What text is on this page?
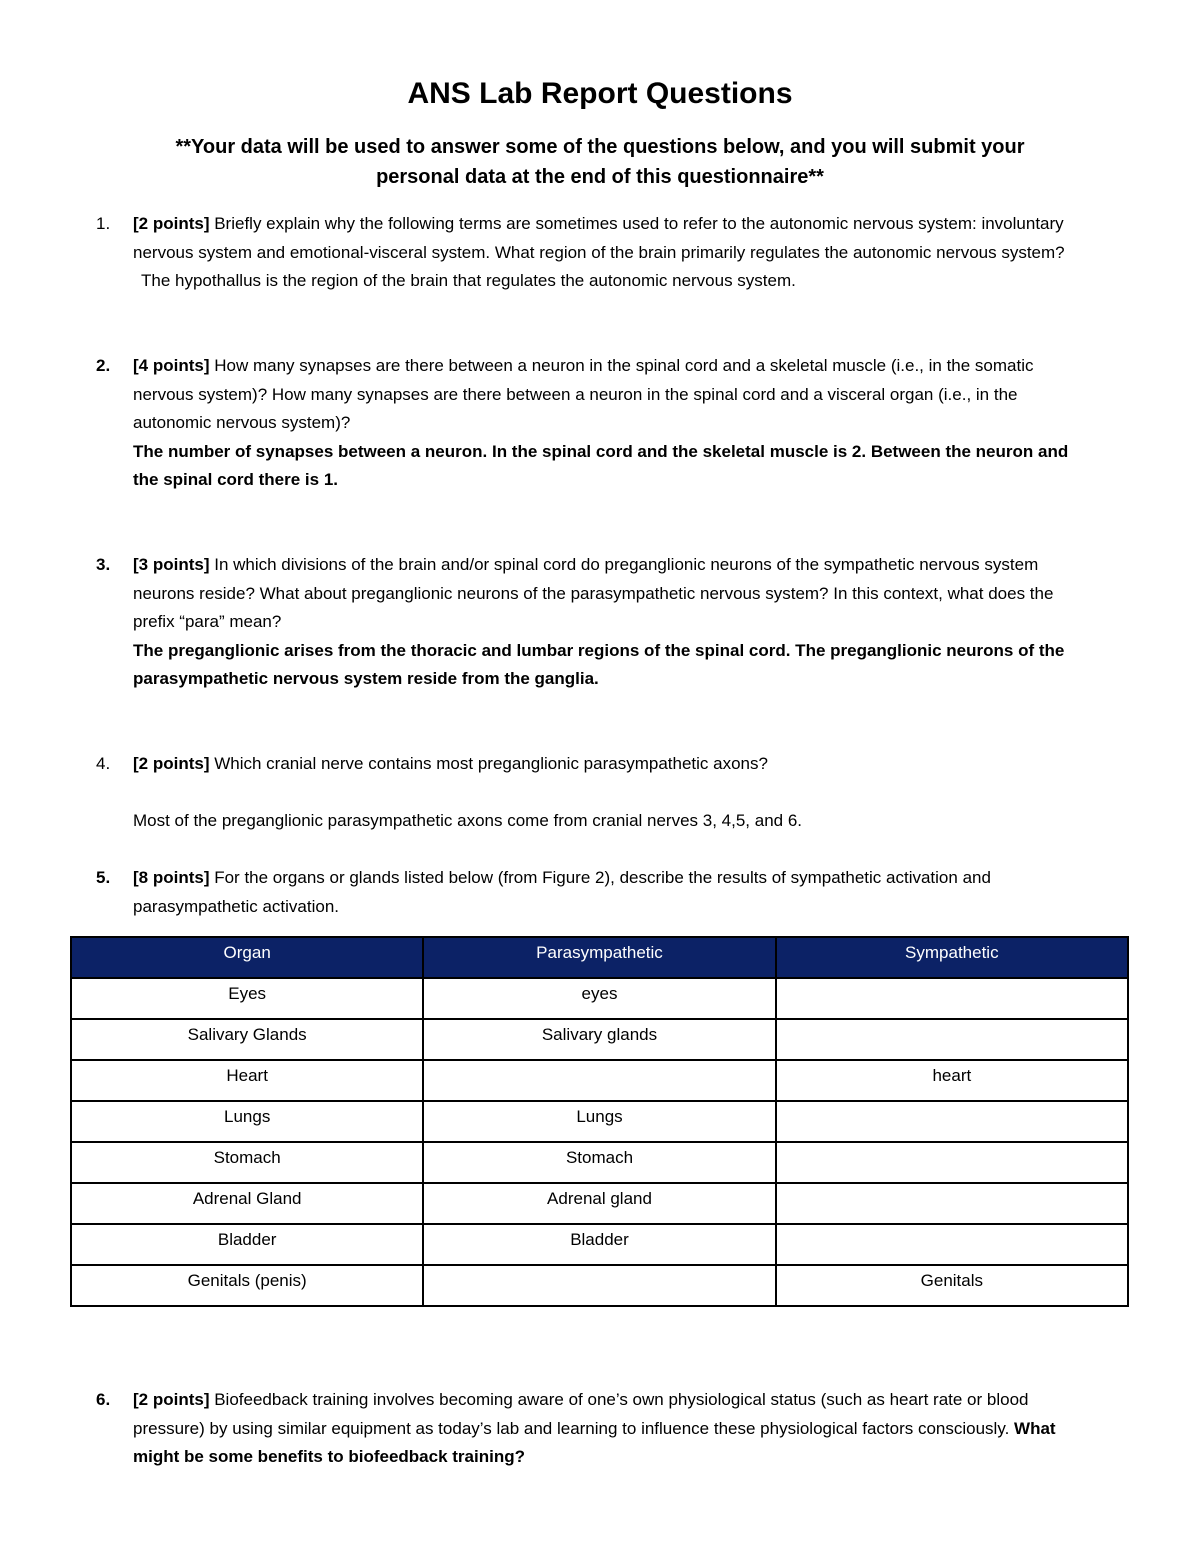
ANS Lab Report Questions
**Your data will be used to answer some of the questions below, and you will submit your personal data at the end of this questionnaire**
1.	[2 points] Briefly explain why the following terms are sometimes used to refer to the autonomic nervous system: involuntary nervous system and emotional-visceral system. What region of the brain primarily regulates the autonomic nervous system?

The hypothallus is the region of the brain that regulates the autonomic nervous system.

2.	[4 points] How many synapses are there between a neuron in the spinal cord and a skeletal muscle (i.e., in the somatic nervous system)? How many synapses are there between a neuron in the spinal cord and a visceral organ (i.e., in the autonomic nervous system)?

The number of synapses between a neuron. In the spinal cord and the skeletal muscle is 2. Between the neuron and the spinal cord there is 1.

3.	[3 points] In which divisions of the brain and/or spinal cord do preganglionic neurons of the sympathetic nervous system neurons reside? What about preganglionic neurons of the parasympathetic nervous system? In this context, what does the prefix “para” mean?

The preganglionic arises from the thoracic and lumbar regions of the spinal cord. The preganglionic neurons of the parasympathetic nervous system reside from the ganglia.

4.	[2 points] Which cranial nerve contains most preganglionic parasympathetic axons?

Most of the preganglionic parasympathetic axons come from cranial nerves 3, 4,5, and 6.

5.	[8 points] For the organs or glands listed below (from Figure 2), describe the results of sympathetic activation and parasympathetic activation.

Organ	Parasympathetic	Sympathetic
Eyes	eyes	
Salivary Glands	Salivary glands	
Heart		heart
Lungs	Lungs	
Stomach	Stomach	
Adrenal Gland	Adrenal gland	
Bladder	Bladder	
Genitals (penis)		Genitals
6.	[2 points] Biofeedback training involves becoming aware of one’s own physiological status (such as heart rate or blood pressure) by using similar equipment as today’s lab and learning to influence these physiological factors consciously. What might be some benefits to biofeedback training?
